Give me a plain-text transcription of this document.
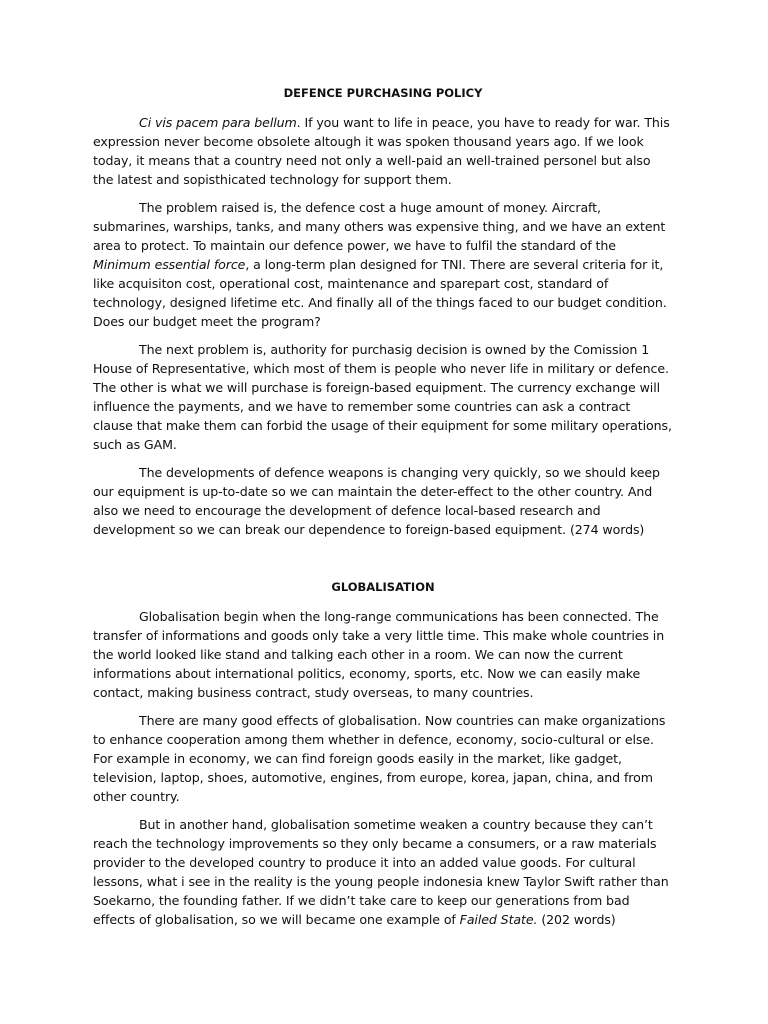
DEFENCE PURCHASING POLICY

Ci vis pacem para bellum. If you want to life in peace, you have to ready for war. This expression never become obsolete altough it was spoken thousand years ago. If we look today, it means that a country need not only a well-paid an well-trained personel but also the latest and sopisthicated technology for support them.

The problem raised is, the defence cost a huge amount of money. Aircraft, submarines, warships, tanks, and many others was expensive thing, and we have an extent area to protect. To maintain our defence power, we have to fulfil the standard of the Minimum essential force, a long-term plan designed for TNI. There are several criteria for it, like acquisiton cost, operational cost, maintenance and sparepart cost, standard of technology, designed lifetime etc. And finally all of the things faced to our budget condition. Does our budget meet the program?

The next problem is, authority for purchasig decision is owned by the Comission 1 House of Representative, which most of them is people who never life in military or defence. The other is what we will purchase is foreign-based equipment. The currency exchange will influence the payments, and we have to remember some countries can ask a contract clause that make them can forbid the usage of their equipment for some military operations, such as GAM.

The developments of defence weapons is changing very quickly, so we should keep our equipment is up-to-date so we can maintain the deter-effect to the other country. And also we need to encourage the development of defence local-based research and development so we can break our dependence to foreign-based equipment. (274 words)

GLOBALISATION

Globalisation begin when the long-range communications has been connected. The transfer of informations and goods only take a very little time. This make whole countries in the world looked like stand and talking each other in a room. We can now the current informations about international politics, economy, sports, etc. Now we can easily make contact, making business contract, study overseas, to many countries.

There are many good effects of globalisation. Now countries can make organizations to enhance cooperation among them whether in defence, economy, socio-cultural or else. For example in economy, we can find foreign goods easily in the market, like gadget, television, laptop, shoes, automotive, engines, from europe, korea, japan, china, and from other country.

But in another hand, globalisation sometime weaken a country because they can’t reach the technology improvements so they only became a consumers, or a raw materials provider to the developed country to produce it into an added value goods. For cultural lessons, what i see in the reality is the young people indonesia knew Taylor Swift rather than Soekarno, the founding father. If we didn’t take care to keep our generations from bad effects of globalisation, so we will became one example of Failed State. (202 words)
